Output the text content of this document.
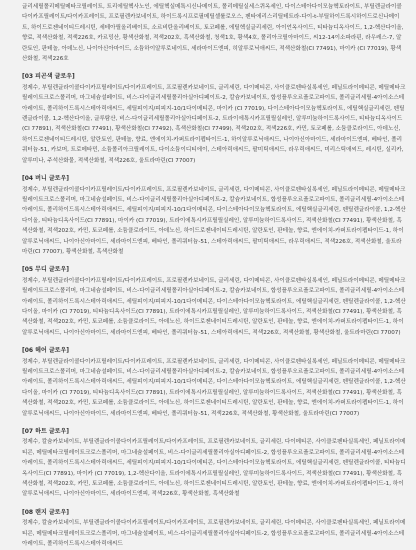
글리세릴폴리메틸메타크릴레이트, 트리에틸헥사노인, 에틸헥실메톡시신나메이트, 폴리메틸실세스퀴옥세인, 다이스테아다이모늄헥토라이트, 부틸렌글라이콜다이카프릴레이트/다이카프레이트, 프로필렌카보네이트, 하이드록시프로필메틸셀룰로오스, 펜타에리스리틸테트라-다이-t-부틸하이드록시하이드로신나메이트, 하이드로젠네이티드레시틴, 세테아릴올리베이트, 소르비탄올리베이트, 토코페롤, 에틸헥실글리세린, 아이언옥사이드, 티타늄디옥사이드, 1,2-헥산다이올, 향료, 적색산화철, 적색226호, 카르밍산, 황색산화철, 적색202호, 흑색산화철, 청색1호, 황색4호, 폴리아크릴아마이드, 씨12-14이소파라핀, 라우레스-7, 알란토인, 판테놀, 아데노신, 나이아신아마이드, 소듐하이알루로네이트, 세라마이드엔피, 히알루로닉애씨드, 적색산화철(CI 77491), 마이카 (CI 77019), 황색산화철, 적색226호

[03 피곤색 글로우]

정제수, 부틸렌글라이콜다이카프릴레이트/다이카프레이트, 프로필렌카보네이트, 글리세린, 다이메티콘, 사이클로펜타실록세인, 페닐트라이메티콘, 메틸메타크릴레이트크로스폴리머, 마그네슘설페이트, 비스-다이글리세릴폴리아실아디페이트-2, 칼슘카보네이트, 합성플루오르플로고파이트, 폴리글리세릴-4아이소스테아레이트, 폴리하이드록시스테아릭애씨드, 세틸피이지/피피지-10/1다이메티콘, 마이카 (CI 77019), 다이스테아다이모늄헥토라이트, 에틸핵실글리세린, 펜틸렌글라이콜, 1,2-헥산다이올, 글루탐산, 비스-다이글리세릴폴리아실아디페이트-2, 트라이에톡시카프릴릴실레인, 알루미늄하이드록사이드, 티타늄디옥사이드(CI 77891), 적색산화철(CI 77491), 황색산화철(CI 77492), 흑색산화철(CI 77499), 적색202호, 적색226호, 카민, 토코페롤, 소듐클로라이드, 아데노신, 하이드로젠네이티드레시틴, 알란토인, 판테놀, 향료, 엔에이치-카퍼트라이펩타이드-1, 하이알루로닉애씨드, 나이아신아마이드, 세라마이드엔피, 베타인, 폴리쿼터늄-51, 카보머, 트로메타민, 소듐폴리아크릴레이트, 다이소듐이디티에이, 스테아릭애씨드, 팔미틱애씨드, 라우릭애씨드, 미리스틱애씨드, 레시틴, 실리카, 알루미나, 주석산화물, 적색산화철, 적색226호, 울트라마린(CI 77007)

[04 버니 글로우]

정제수, 부틸렌글라이콜다이카프릴레이트/다이카프레이트, 프로필렌카보네이트, 글리세린, 다이메티콘, 사이클로펜타실록세인, 페닐트라이메티콘, 메틸메타크릴레이트크로스폴리머, 마그네슘설페이트, 비스-다이글리세릴폴리아실아디페이트-2, 칼슘카보네이트, 합성플루오르플로고파이트, 폴리글리세릴-4아이소스테아레이트, 폴리하이드록시스테아릭애씨드, 세틸피이지/피피지-10/1다이메티콘, 다이스테아다이모늄헥토라이트, 에틸핵실글리세린, 펜틸렌글라이콜, 1,2-헥산다이올, 티타늄디옥사이드(CI 77891), 마이카 (CI 77019), 트라이에톡시카프릴릴실레인, 알루미늄하이드록사이드, 적색산화철(CI 77491), 황색산화철, 흑색산화철, 적색202호, 카민, 토코페롤, 소듐클로라이드, 아데노신, 하이드로젠네이티드레시틴, 알란토인, 판테놀, 향료, 엔에이치-카퍼트라이펩타이드-1, 하이알루로닉애씨드, 나이아신아마이드, 세라마이드엔피, 베타인, 폴리쿼터늄-51, 스테아릭애씨드, 팔미틱애씨드, 라우릭애씨드, 적색226호, 적색산화철, 울트라마린(CI 77007), 황색산화철, 흑색산화철

[05 무디 글로우]

정제수, 부틸렌글라이콜다이카프릴레이트/다이카프레이트, 프로필렌카보네이트, 글리세린, 다이메티콘, 사이클로펜타실록세인, 페닐트라이메티콘, 메틸메타크릴레이트크로스폴리머, 마그네슘설페이트, 비스-다이글리세릴폴리아실아디페이트-2, 칼슘카보네이트, 합성플루오르플로고파이트, 폴리글리세릴-4아이소스테아레이트, 폴리하이드록시스테아릭애씨드, 세틸피이지/피피지-10/1다이메티콘, 다이스테아다이모늄헥토라이트, 에틸핵실글리세린, 펜틸렌글라이콜, 1,2-헥산다이올, 마이카 (CI 77019), 티타늄디옥사이드(CI 77891), 트라이에톡시카프릴릴실레인, 알루미늄하이드록사이드, 적색산화철(CI 77491), 황색산화철, 흑색산화철, 적색202호, 카민, 토코페롤, 소듐클로라이드, 아데노신, 하이드로젠네이티드레시틴, 알란토인, 판테놀, 향료, 엔에이치-카퍼트라이펩타이드-1, 하이알루로닉애씨드, 나이아신아마이드, 세라마이드엔피, 베타인, 폴리쿼터늄-51, 스테아릭애씨드, 적색226호, 적색산화철, 황색산화철, 울트라마린(CI 77007)

[06 헤어 글로우]

정제수, 부틸렌글라이콜다이카프릴레이트/다이카프레이트, 프로필렌카보네이트, 글리세린, 다이메티콘, 사이클로펜타실록세인, 페닐트라이메티콘, 메틸메타크릴레이트크로스폴리머, 마그네슘설페이트, 비스-다이글리세릴폴리아실아디페이트-2, 칼슘카보네이트, 합성플루오르플로고파이트, 폴리글리세릴-4아이소스테아레이트, 폴리하이드록시스테아릭애씨드, 세틸피이지/피피지-10/1다이메티콘, 다이스테아다이모늄헥토라이트, 에틸핵실글리세린, 펜틸렌글라이콜, 1,2-헥산다이올, 마이카 (CI 77019), 티타늄디옥사이드(CI 77891), 트라이에톡시카프릴릴실레인, 알루미늄하이드록사이드, 적색산화철(CI 77491), 황색산화철, 흑색산화철, 적색202호, 카민, 토코페롤, 소듐클로라이드, 아데노신, 하이드로젠네이티드레시틴, 알란토인, 판테놀, 향료, 엔에이치-카퍼트라이펩타이드-1, 하이알루로닉애씨드, 나이아신아마이드, 세라마이드엔피, 베타인, 폴리쿼터늄-51, 적색226호, 적색산화철, 황색산화철, 울트라마린(CI 77007)

[07 하트 글로우]

정제수, 칼슘카보네이트, 부틸렌글라이콜다이카프릴레이트/다이카프레이트, 프로필렌카보네이트, 글리세린, 다이메티콘, 사이클로펜타실록세인, 페닐트라이메티콘, 메틸메타크릴레이트크로스폴리머, 마그네슘설페이트, 비스-다이글리세릴폴리아실아디페이트-2, 합성플루오르플로고파이트, 폴리글리세릴-4아이소스테아레이트, 폴리하이드록시스테아릭애씨드, 세틸피이지/피피지-10/1다이메티콘, 다이스테아다이모늄헥토라이트, 에틸핵실글리세린, 펜틸렌글라이콜, 티타늄디옥사이드(CI 77891), 마이카 (CI 77019), 1,2-헥산다이올, 트라이에톡시카프릴릴실레인, 알루미늄하이드록사이드, 적색산화철(CI 77491), 황색산화철, 흑색산화철, 적색202호, 카민, 토코페롤, 소듐클로라이드, 아데노신, 하이드로젠네이티드레시틴, 알란토인, 판테놀, 향료, 엔에이치-카퍼트라이펩타이드-1, 하이알루로닉애씨드, 나이아신아마이드, 세라마이드엔피, 적색226호, 황색산화철, 흑색산화철

[08 랜지 글로우]

정제수, 칼슘카보네이트, 부틸렌글라이콜다이카프릴레이트/다이카프레이트, 프로필렌카보네이트, 글리세린, 다이메티콘, 사이클로펜타실록세인, 페닐트라이메티콘, 메틸메타크릴레이트크로스폴리머, 마그네슘설페이트, 비스-다이글리세릴폴리아실아디페이트-2, 합성플루오르플로고파이트, 폴리글리세릴-4아이소스테아레이트, 폴리하이드록시스테아릭애씨드
